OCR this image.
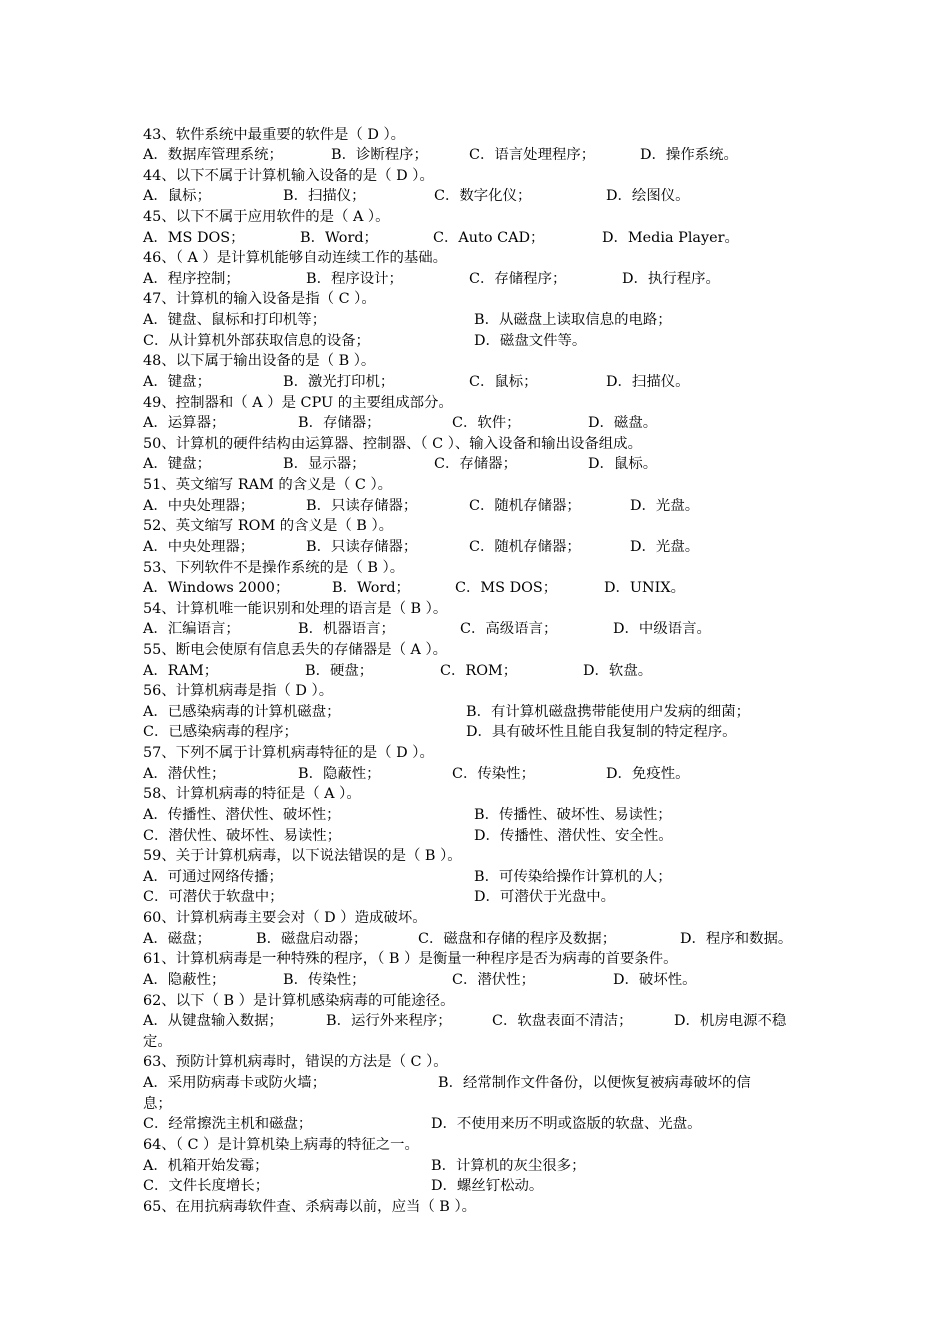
43、软件系统中最重要的软件是（ D ）。
A．数据库管理系统；	B．诊断程序；	C．语言处理程序；	D．操作系统。
44、以下不属于计算机输入设备的是（ D ）。
A．鼠标；	B．扫描仪；	C．数字化仪；	D．绘图仪。
45、以下不属于应用软件的是（ A ）。
A．MS DOS；	B．Word；	C．Auto CAD；	D．Media Player。
46、（ A ）是计算机能够自动连续工作的基础。
A．程序控制；	B．程序设计；	C．存储程序；	D．执行程序。
47、计算机的输入设备是指（ C ）。
A．键盘、鼠标和打印机等；	B．从磁盘上读取信息的电路；
C．从计算机外部获取信息的设备；	D．磁盘文件等。
48、以下属于输出设备的是（ B ）。
A．键盘；	B．激光打印机；	C．鼠标；	D．扫描仪。
49、控制器和（ A ）是 CPU 的主要组成部分。
A．运算器；	B．存储器；	C．软件；	D．磁盘。
50、计算机的硬件结构由运算器、控制器、（ C ）、输入设备和输出设备组成。
A．键盘；	B．显示器；	C．存储器；	D．鼠标。
51、英文缩写 RAM 的含义是（ C ）。
A．中央处理器；	B．只读存储器；	C．随机存储器；	D．光盘。
52、英文缩写 ROM 的含义是（ B ）。
A．中央处理器；	B．只读存储器；	C．随机存储器；	D．光盘。
53、下列软件不是操作系统的是（ B ）。
A．Windows 2000；	B．Word；	C．MS DOS；	D．UNIX。
54、计算机唯一能识别和处理的语言是（ B ）。
A．汇编语言；	B．机器语言；	C．高级语言；	D．中级语言。
55、断电会使原有信息丢失的存储器是（ A ）。
A．RAM；	B．硬盘；	C．ROM；	D．软盘。
56、计算机病毒是指（ D ）。
A．已感染病毒的计算机磁盘；	B．有计算机磁盘携带能使用户发病的细菌；
C．已感染病毒的程序；	D．具有破坏性且能自我复制的特定程序。
57、下列不属于计算机病毒特征的是（ D ）。
A．潜伏性；	B．隐蔽性；	C．传染性；	D．免疫性。
58、计算机病毒的特征是（ A ）。
A．传播性、潜伏性、破坏性；	B．传播性、破坏性、易读性；
C．潜伏性、破坏性、易读性；	D．传播性、潜伏性、安全性。
59、关于计算机病毒，以下说法错误的是（ B ）。
A．可通过网络传播；	B．可传染给操作计算机的人；
C．可潜伏于软盘中；	D．可潜伏于光盘中。
60、计算机病毒主要会对（ D ）造成破坏。
A．磁盘；	B．磁盘启动器；	C．磁盘和存储的程序及数据；	D．程序和数据。
61、计算机病毒是一种特殊的程序，（ B ）是衡量一种程序是否为病毒的首要条件。
A．隐蔽性；	B．传染性；	C．潜伏性；	D．破坏性。
62、以下（ B ）是计算机感染病毒的可能途径。
A．从键盘输入数据；	B．运行外来程序；	C．软盘表面不清洁；	D．机房电源不稳
定。
63、预防计算机病毒时，错误的方法是（ C ）。
A．采用防病毒卡或防火墙；	B．经常制作文件备份，以便恢复被病毒破坏的信
息；
C．经常擦洗主机和磁盘；	D．不使用来历不明或盗版的软盘、光盘。
64、（ C ）是计算机染上病毒的特征之一。
A．机箱开始发霉；	B．计算机的灰尘很多；
C．文件长度增长；	D．螺丝钉松动。
65、在用抗病毒软件查、杀病毒以前，应当（ B ）。
